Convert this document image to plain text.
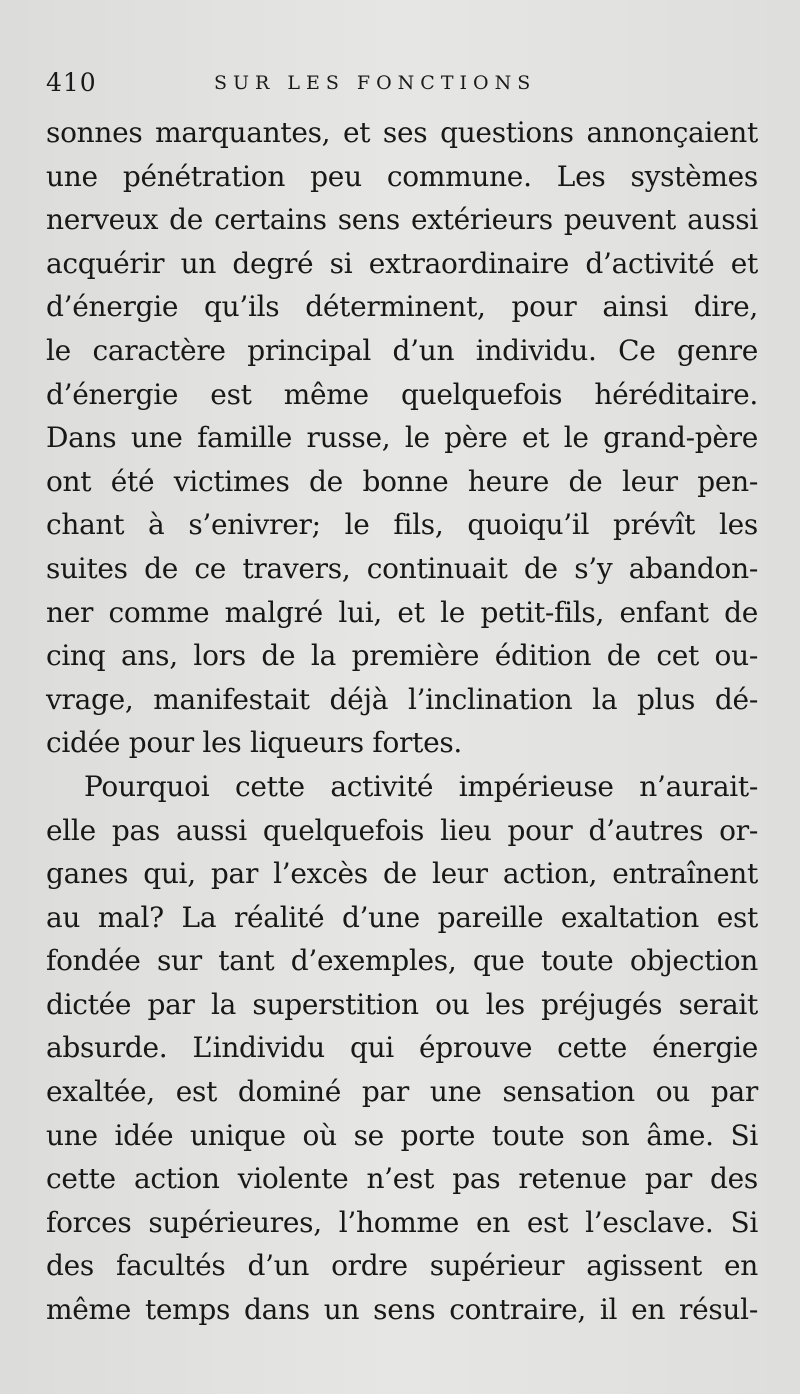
410	SUR LES FONCTIONS
sonnes marquantes, et ses questions annonçaient
une pénétration peu commune. Les systèmes
nerveux de certains sens extérieurs peuvent aussi
acquérir un degré si extraordinaire d’activité et
d’énergie qu’ils déterminent, pour ainsi dire,
le caractère principal d’un individu. Ce genre
d’énergie est même quelquefois héréditaire.
Dans une famille russe, le père et le grand-père
ont été victimes de bonne heure de leur pen-
chant à s’enivrer; le fils, quoiqu’il prévît les
suites de ce travers, continuait de s’y abandon-
ner comme malgré lui, et le petit-fils, enfant de
cinq ans, lors de la première édition de cet ou-
vrage, manifestait déjà l’inclination la plus dé-
cidée pour les liqueurs fortes.
Pourquoi cette activité impérieuse n’aurait-
elle pas aussi quelquefois lieu pour d’autres or-
ganes qui, par l’excès de leur action, entraînent
au mal? La réalité d’une pareille exaltation est
fondée sur tant d’exemples, que toute objection
dictée par la superstition ou les préjugés serait
absurde. L’individu qui éprouve cette énergie
exaltée, est dominé par une sensation ou par
une idée unique où se porte toute son âme. Si
cette action violente n’est pas retenue par des
forces supérieures, l’homme en est l’esclave. Si
des facultés d’un ordre supérieur agissent en
même temps dans un sens contraire, il en résul-
